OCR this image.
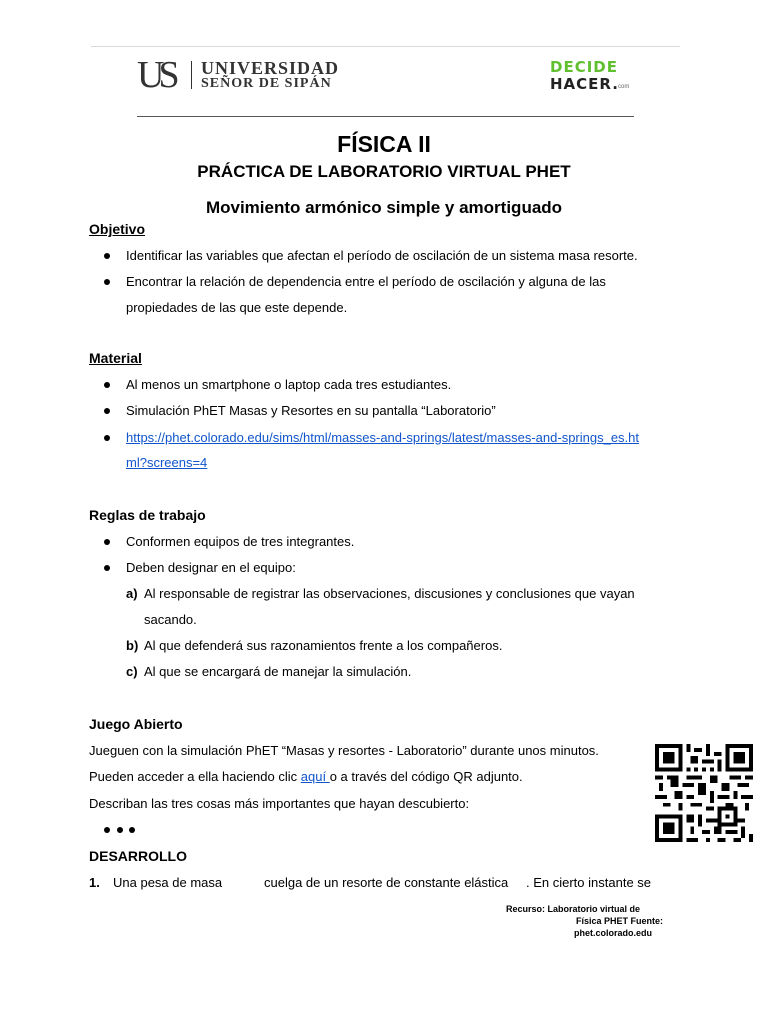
US UNIVERSIDAD
SEÑOR DE SIPÁN
DECIDE
HACER. com
FÍSICA II
PRÁCTICA DE LABORATORIO VIRTUAL PHET
Movimiento armónico simple y amortiguado
Objetivo
Identificar las variables que afectan el período de oscilación de un sistema masa resorte.
Encontrar la relación de dependencia entre el período de oscilación y alguna de las
propiedades de las que este depende.
Material
Al menos un smartphone o laptop cada tres estudiantes.
Simulación PhET Masas y Resortes en su pantalla “Laboratorio”
https://phet.colorado.edu/sims/html/masses-and-springs/latest/masses-and-springs_es.ht
ml?screens=4
Reglas de trabajo
Conformen equipos de tres integrantes.
Deben designar en el equipo:
a) Al responsable de registrar las observaciones, discusiones y conclusiones que vayan
sacando.
b) Al que defenderá sus razonamientos frente a los compañeros.
c) Al que se encargará de manejar la simulación.
Juego Abierto
Jueguen con la simulación PhET “Masas y resortes - Laboratorio” durante unos minutos.
Pueden acceder a ella haciendo clic aquí o a través del código QR adjunto.
Describan las tres cosas más importantes que hayan descubierto:
DESARROLLO
1. Una pesa de masa	cuelga de un resorte de constante elástica . En cierto instante se
Recurso: Laboratorio virtual de
Física PHET Fuente:
phet.colorado.edu
